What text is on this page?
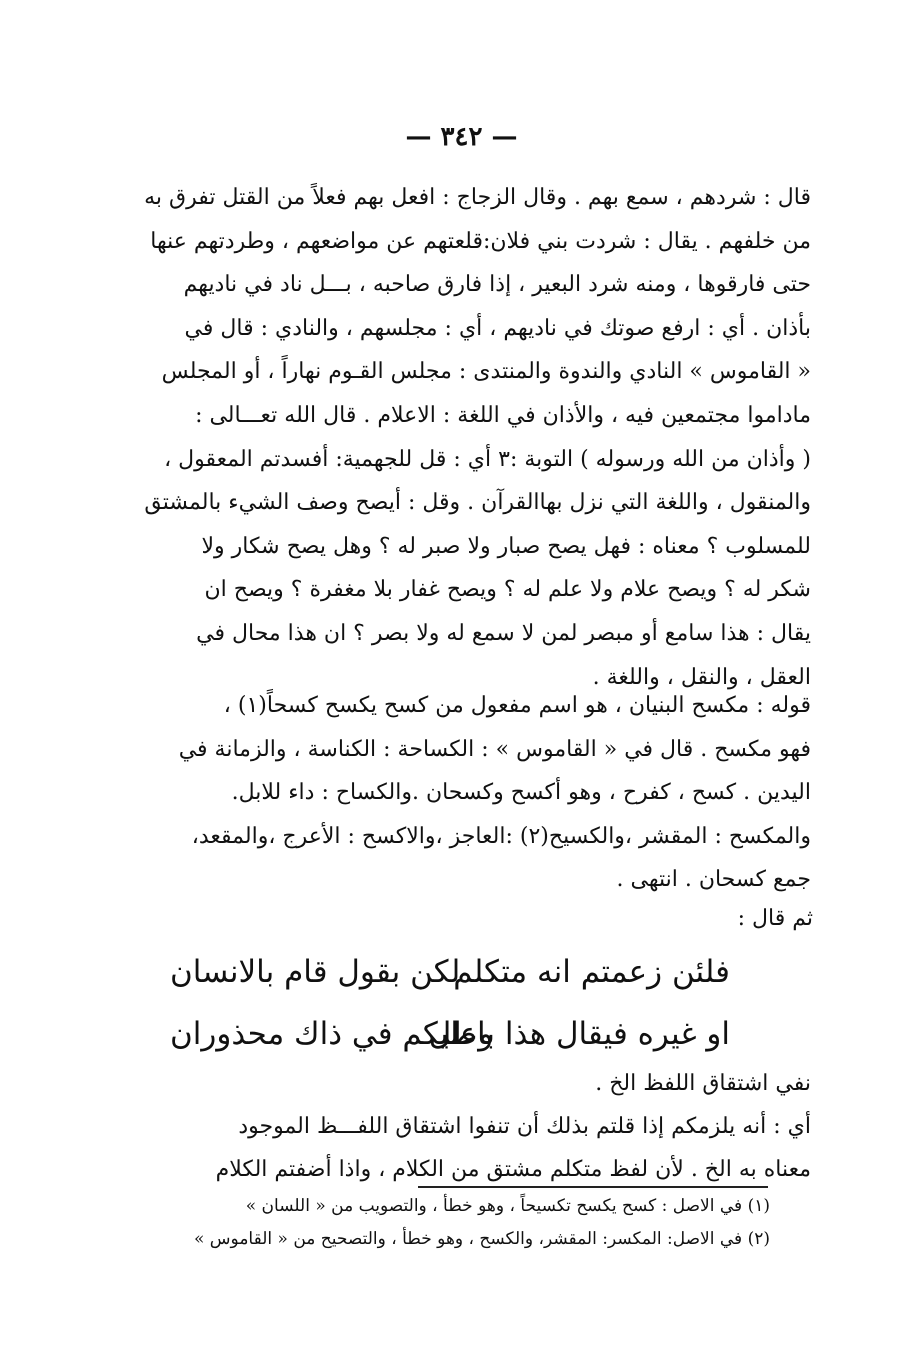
— ٣٤٢ —
قال : شردهم ، سمع بهم . وقال الزجاج : افعل بهم فعلاً من القتل تفرق به
من خلفهم . يقال : شردت بني فلان:قلعتهم عن مواضعهم ، وطردتهم عنها
حتى فارقوها ، ومنه شرد البعير ، إذا فارق صاحبه ، بـــل ناد في ناديهم
بأذان . أي : ارفع صوتك في ناديهم ، أي : مجلسهم ، والنادي : قال في
« القاموس » النادي والندوة والمنتدى : مجلس القـوم نهاراً ، أو المجلس
ماداموا مجتمعين فيه ، والأذان في اللغة : الاعلام . قال الله تعـــالى :
( وأذان من الله ورسوله ) التوبة :٣ أي : قل للجهمية: أفسدتم المعقول ،
والمنقول ، واللغة التي نزل بهاالقرآن . وقل : أيصح وصف الشيء بالمشتق
للمسلوب ؟ معناه : فهل يصح صبار ولا صبر له ؟ وهل يصح شكار ولا
شكر له ؟ ويصح علام ولا علم له ؟ ويصح غفار بلا مغفرة ؟ ويصح ان
يقال : هذا سامع أو مبصر لمن لا سمع له ولا بصر ؟ ان هذا محال في
العقل ، والنقل ، واللغة .
قوله : مكسح البنيان ، هو اسم مفعول من كسح يكسح كسحاً(١) ،
فهو مكسح . قال في « القاموس » : الكساحة : الكناسة ، والزمانة في
اليدين . كسح ، كفرح ، وهو أكسح وكسحان .والكساح : داء للابل.
والمكسح : المقشر ،والكسيح(٢) :العاجز ،والاكسح : الأعرج ،والمقعد،
جمع كسحان . انتهى .
ثم قال :
فلئن زعمتم انه متكلم
لكن بقول قام بالانسان
او غيره فيقال هذا باطل
وعليكم في ذاك محذوران
نفي اشتقاق اللفظ الخ .
أي : أنه يلزمكم إذا قلتم بذلك أن تنفوا اشتقاق اللفـــظ الموجود
معناه به الخ . لأن لفظ متكلم مشتق من الكلام ، واذا أضفتم الكلام
(١) في الاصل : كسح يكسح تكسيحاً ، وهو خطأ ، والتصويب من « اللسان »
(٢) في الاصل: المكسر: المقشر، والكسح ، وهو خطأ ، والتصحيح من « القاموس »
